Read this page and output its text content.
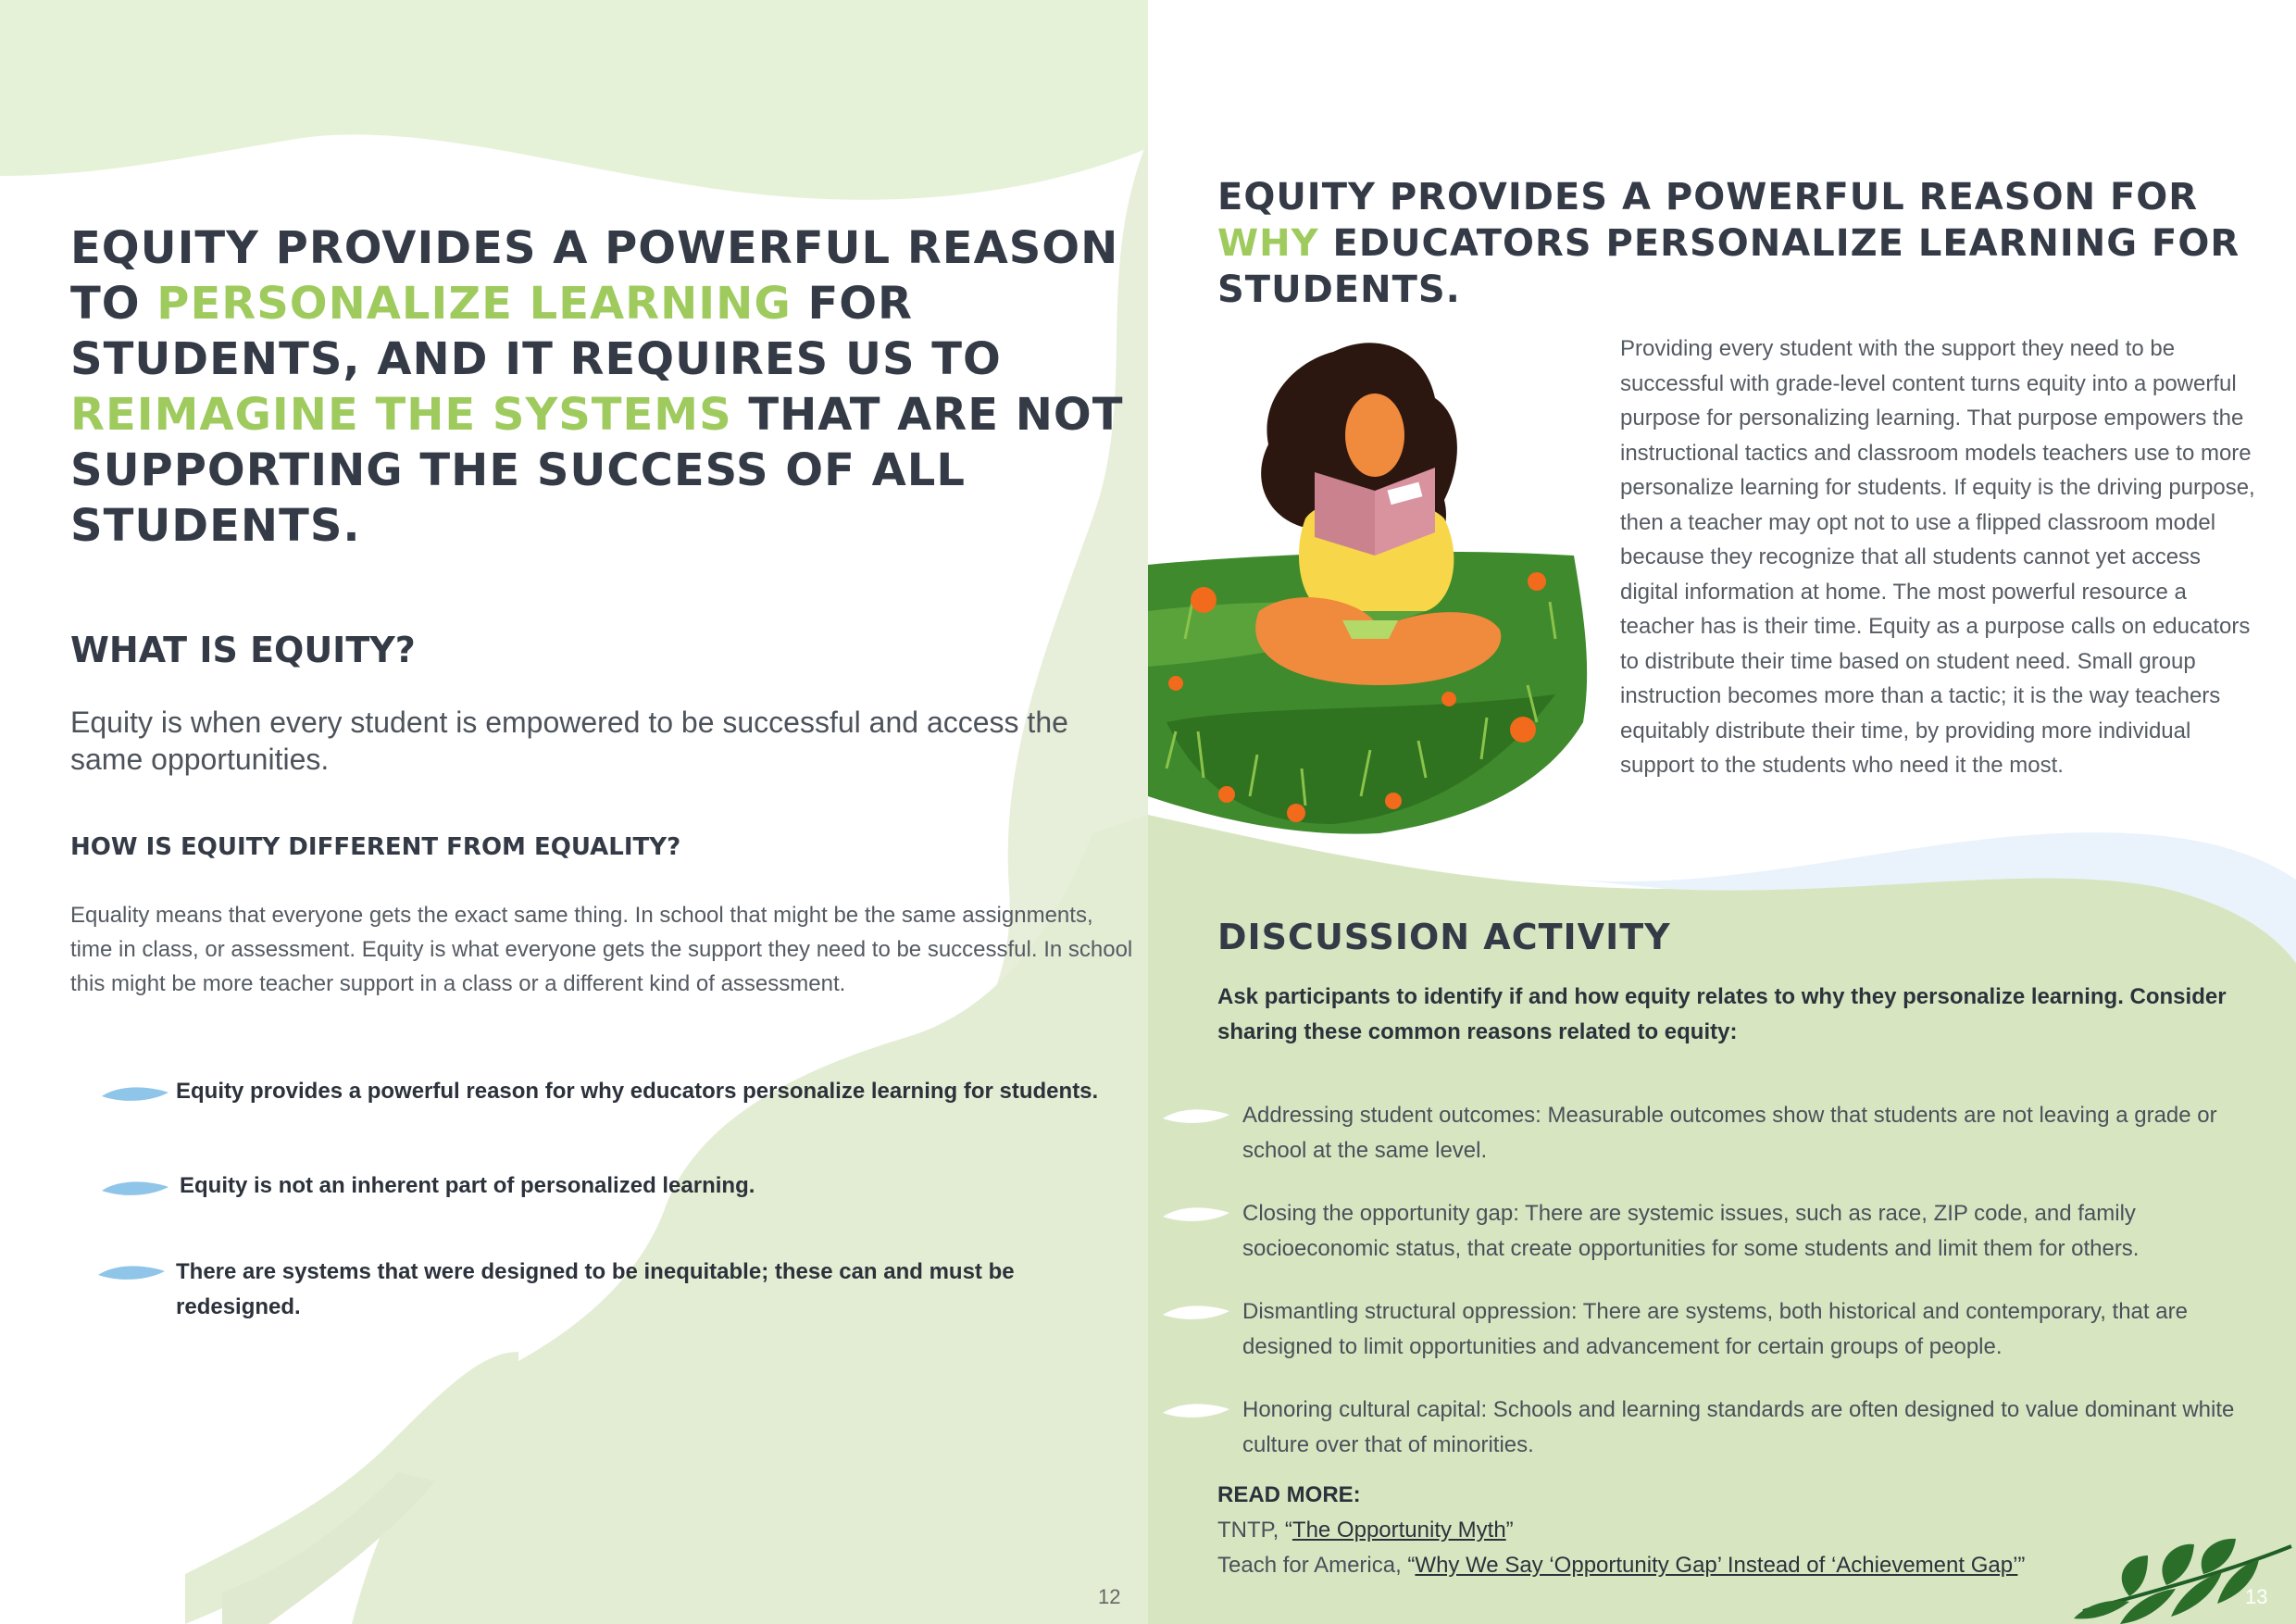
EQUITY PROVIDES A POWERFUL REASON TO PERSONALIZE LEARNING FOR STUDENTS, AND IT REQUIRES US TO REIMAGINE THE SYSTEMS THAT ARE NOT SUPPORTING THE SUCCESS OF ALL STUDENTS.
WHAT IS EQUITY?
Equity is when every student is empowered to be successful and access the same opportunities.
HOW IS EQUITY DIFFERENT FROM EQUALITY?
Equality means that everyone gets the exact same thing. In school that might be the same assignments, time in class, or assessment. Equity is what everyone gets the support they need to be successful. In school this might be more teacher support in a class or a different kind of assessment.
Equity provides a powerful reason for why educators personalize learning for students.
Equity is not an inherent part of personalized learning.
There are systems that were designed to be inequitable; these can and must be redesigned.
12
EQUITY PROVIDES A POWERFUL REASON FOR WHY EDUCATORS PERSONALIZE LEARNING FOR STUDENTS.
Providing every student with the support they need to be successful with grade-level content turns equity into a powerful purpose for personalizing learning. That purpose empowers the instructional tactics and classroom models teachers use to more personalize learning for students. If equity is the driving purpose, then a teacher may opt not to use a flipped classroom model because they recognize that all students cannot yet access digital information at home. The most powerful resource a teacher has is their time. Equity as a purpose calls on educators to distribute their time based on student need. Small group instruction becomes more than a tactic; it is the way teachers equitably distribute their time, by providing more individual support to the students who need it the most.
DISCUSSION ACTIVITY
Ask participants to identify if and how equity relates to why they personalize learning. Consider sharing these common reasons related to equity:
Addressing student outcomes: Measurable outcomes show that students are not leaving a grade or school at the same level.
Closing the opportunity gap: There are systemic issues, such as race, ZIP code, and family socioeconomic status, that create opportunities for some students and limit them for others.
Dismantling structural oppression: There are systems, both historical and contemporary, that are designed to limit opportunities and advancement for certain groups of people.
Honoring cultural capital: Schools and learning standards are often designed to value dominant white culture over that of minorities.
READ MORE:
TNTP, “The Opportunity Myth”
Teach for America, “Why We Say ‘Opportunity Gap’ Instead of ‘Achievement Gap’”
13
